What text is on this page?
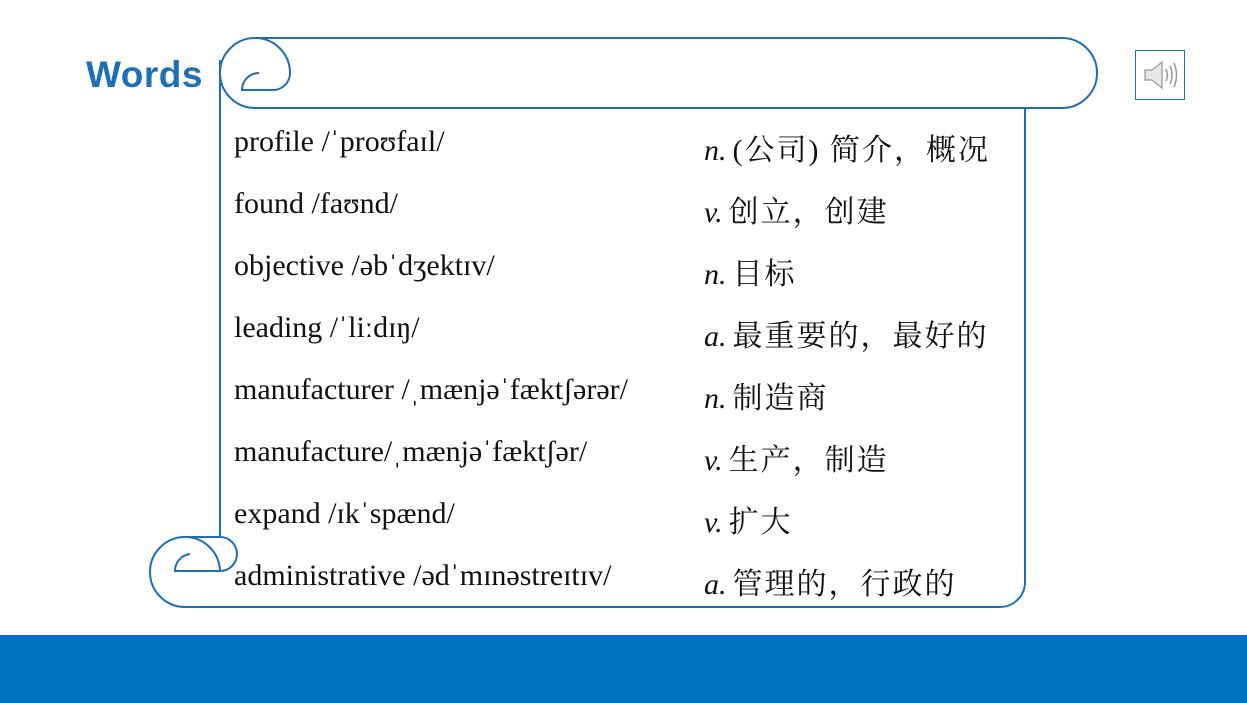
Words
profile /ˈproʊfaɪl/	n. (公司) 简介，概况
found /faʊnd/	v. 创立，创建
objective /əbˈdʒektɪv/	n. 目标
leading /ˈliːdɪŋ/	a. 最重要的，最好的
manufacturer /ˌmænjəˈfæktʃərər/	n. 制造商
manufacture/ˌmænjəˈfæktʃər/	v. 生产，制造
expand /ɪkˈspænd/	v. 扩大
administrative /ədˈmɪnəstreɪtɪv/	a. 管理的，行政的
